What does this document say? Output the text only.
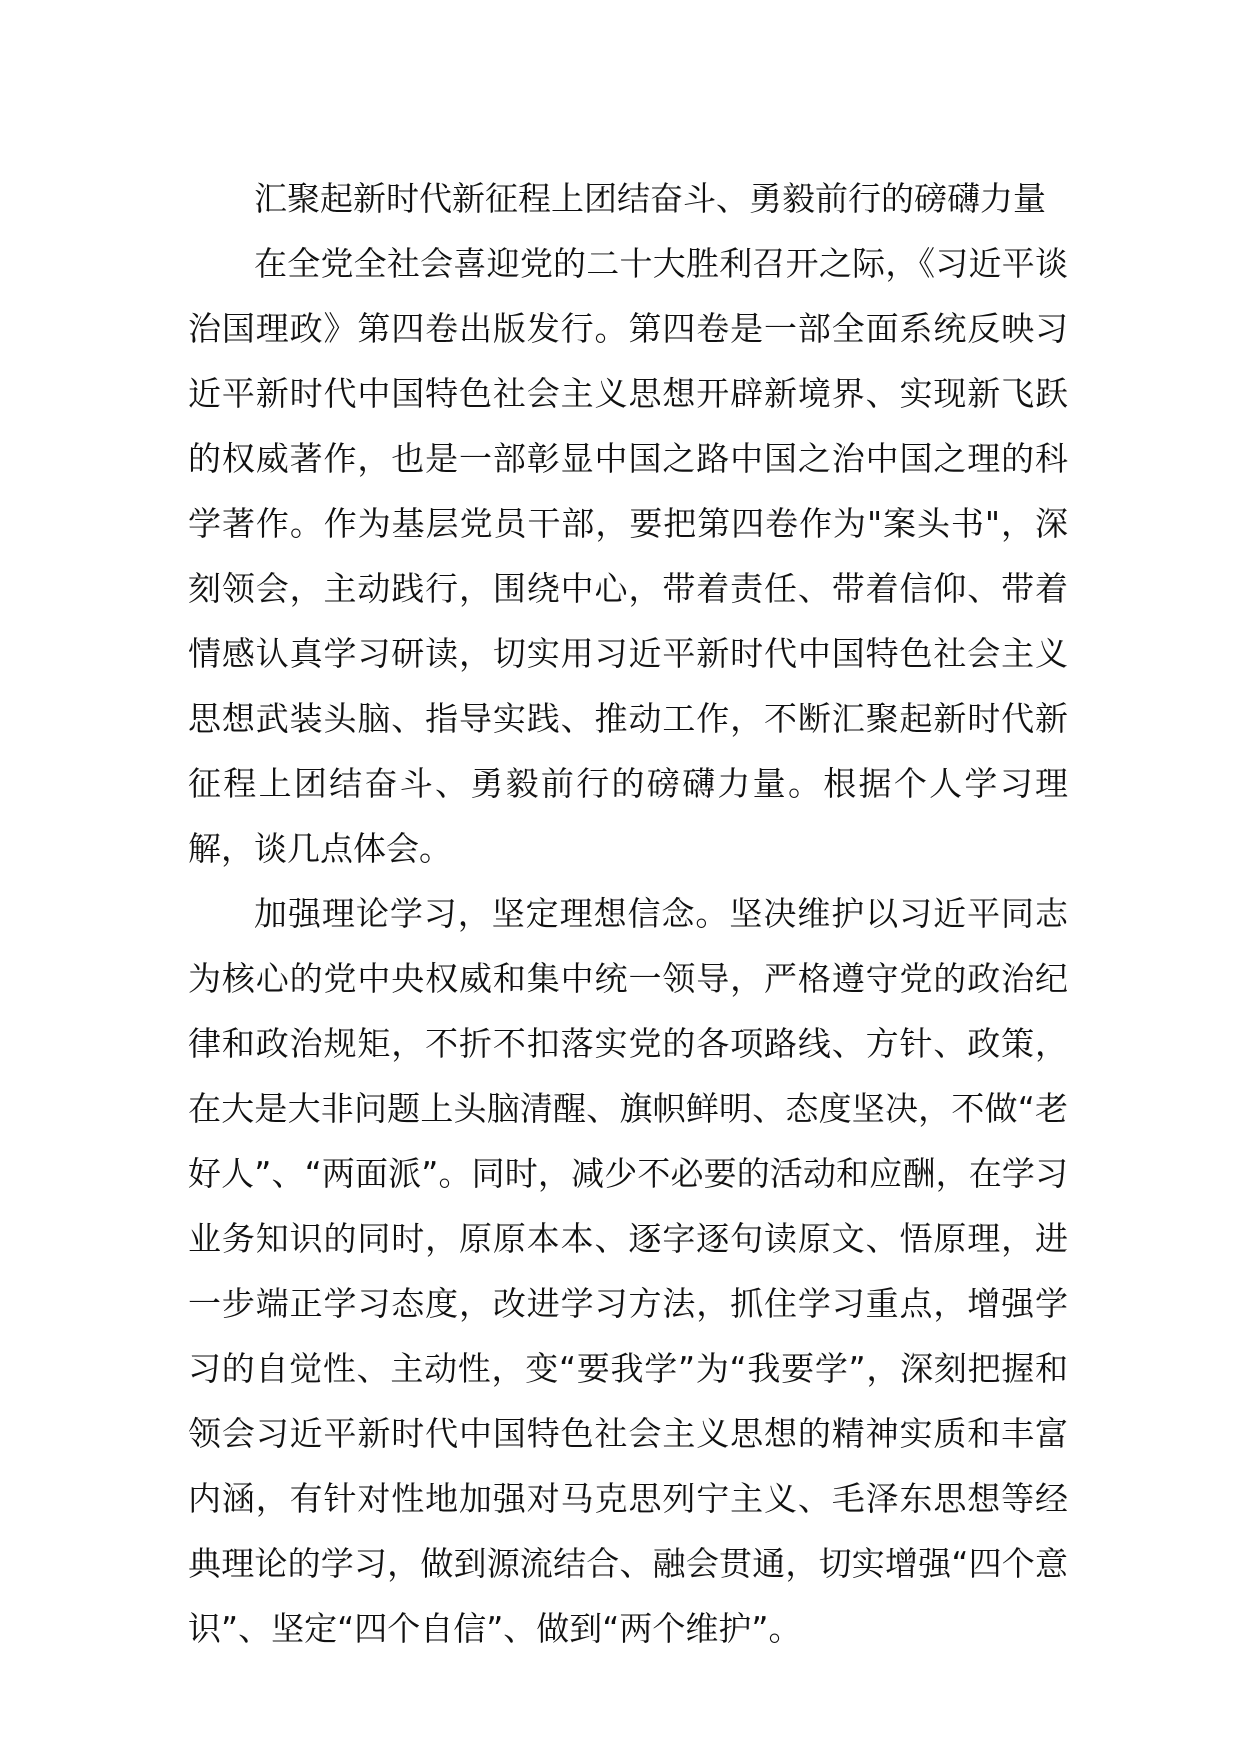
汇聚起新时代新征程上团结奋斗、勇毅前行的磅礴力量

在全党全社会喜迎党的二十大胜利召开之际，《习近平谈治国理政》第四卷出版发行。第四卷是一部全面系统反映习近平新时代中国特色社会主义思想开辟新境界、实现新飞跃的权威著作，也是一部彰显中国之路中国之治中国之理的科学著作。作为基层党员干部，要把第四卷作为"案头书"，深刻领会，主动践行，围绕中心，带着责任、带着信仰、带着情感认真学习研读，切实用习近平新时代中国特色社会主义思想武装头脑、指导实践、推动工作，不断汇聚起新时代新征程上团结奋斗、勇毅前行的磅礴力量。根据个人学习理解，谈几点体会。

加强理论学习，坚定理想信念。坚决维护以习近平同志为核心的党中央权威和集中统一领导，严格遵守党的政治纪律和政治规矩，不折不扣落实党的各项路线、方针、政策，在大是大非问题上头脑清醒、旗帜鲜明、态度坚决，不做“老好人”、“两面派”。同时，减少不必要的活动和应酬，在学习业务知识的同时，原原本本、逐字逐句读原文、悟原理，进一步端正学习态度，改进学习方法，抓住学习重点，增强学习的自觉性、主动性，变“要我学”为“我要学”，深刻把握和领会习近平新时代中国特色社会主义思想的精神实质和丰富内涵，有针对性地加强对马克思列宁主义、毛泽东思想等经典理论的学习，做到源流结合、融会贯通，切实增强“四个意识”、坚定“四个自信”、做到“两个维护”。
